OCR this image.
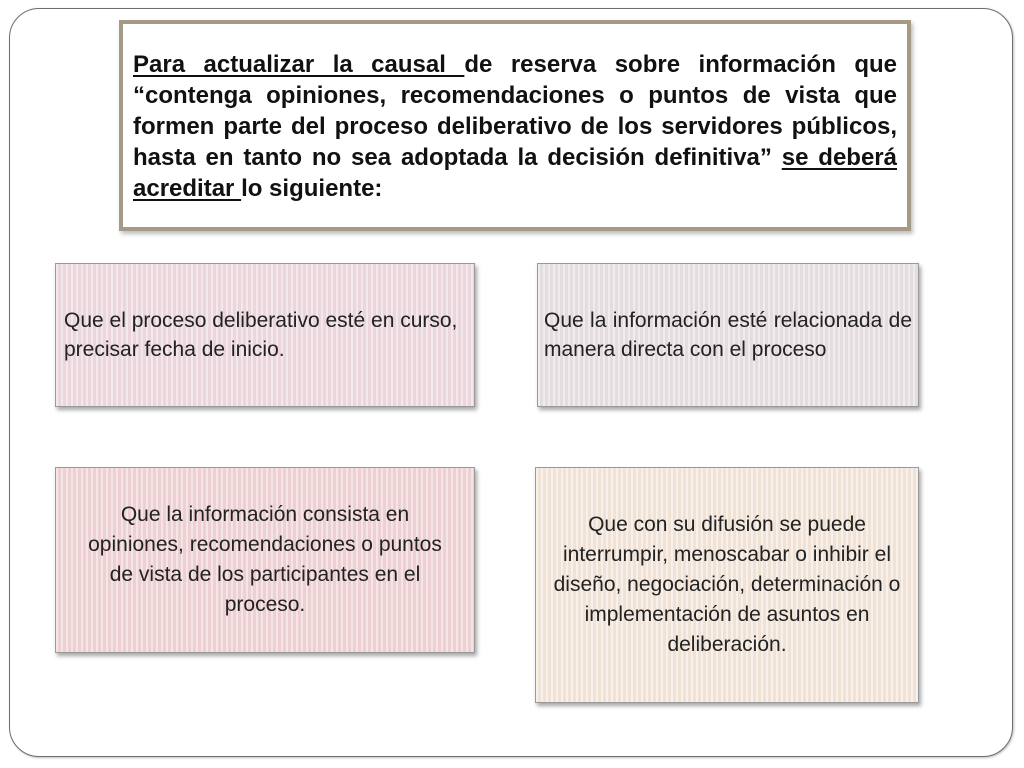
Para actualizar la causal de reserva sobre información que “contenga opiniones, recomendaciones o puntos de vista que formen parte del proceso deliberativo de los servidores públicos, hasta en tanto no sea adoptada la decisión definitiva” se deberá acreditar lo siguiente:

Que el proceso deliberativo esté en curso, precisar fecha de inicio.

Que la información esté relacionada de manera directa con el proceso

Que la información consista en opiniones, recomendaciones o puntos de vista de los participantes en el proceso.

Que con su difusión se puede interrumpir, menoscabar o inhibir el diseño, negociación, determinación o implementación de asuntos en deliberación.
